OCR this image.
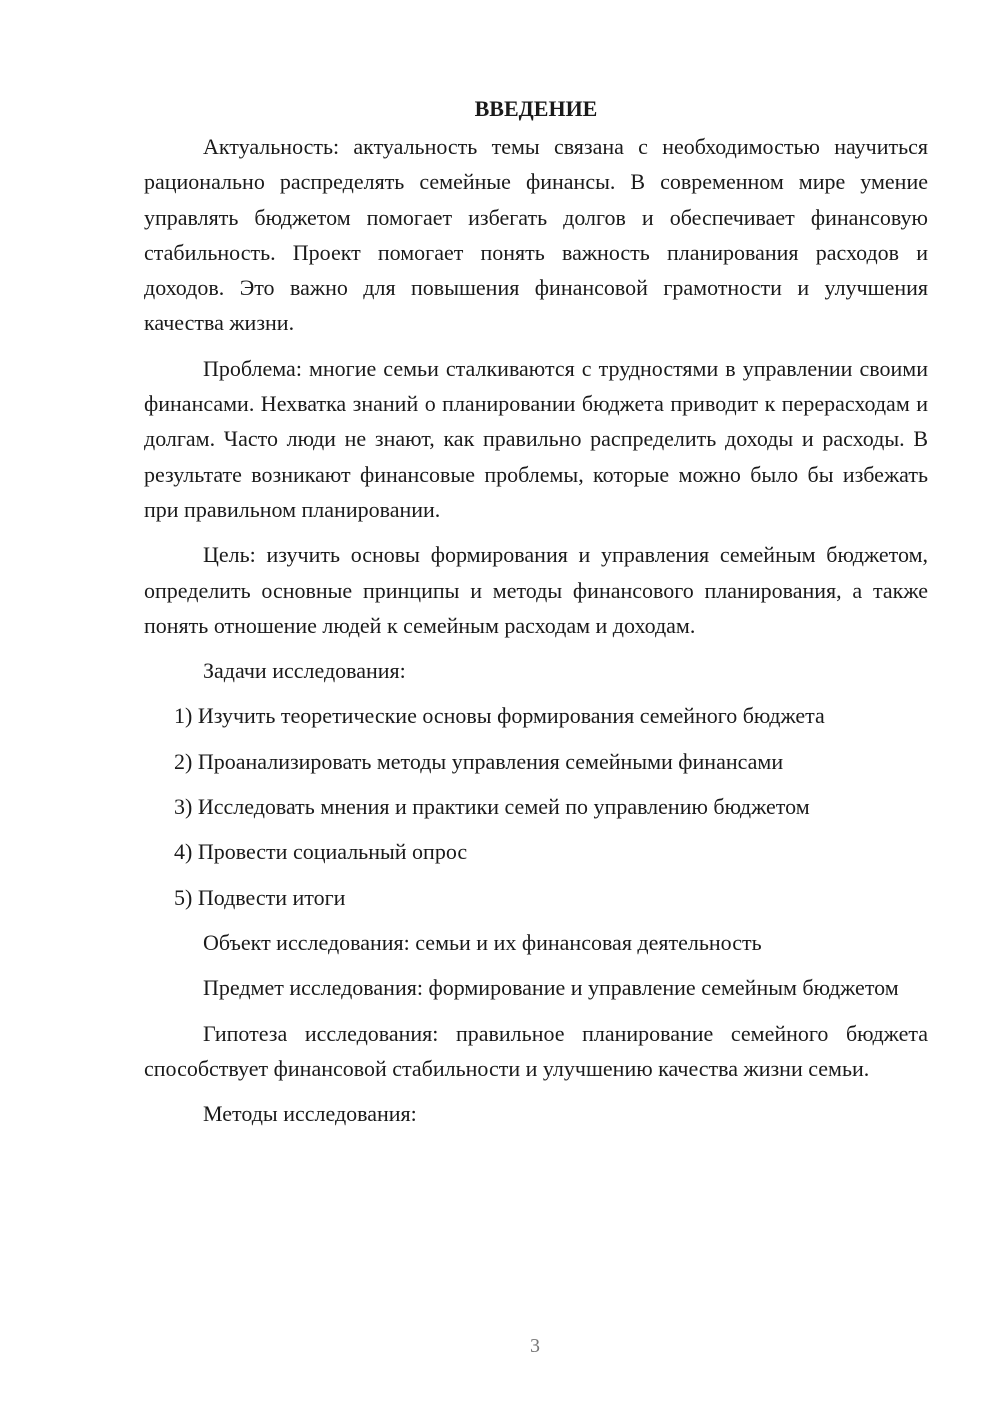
ВВЕДЕНИЕ

Актуальность: актуальность темы связана с необходимостью научиться рационально распределять семейные финансы. В современном мире умение управлять бюджетом помогает избегать долгов и обеспечивает финансовую стабильность. Проект помогает понять важность планирования расходов и доходов. Это важно для повышения финансовой грамотности и улучшения качества жизни.

Проблема: многие семьи сталкиваются с трудностями в управлении своими финансами. Нехватка знаний о планировании бюджета приводит к перерасходам и долгам. Часто люди не знают, как правильно распределить доходы и расходы. В результате возникают финансовые проблемы, которые можно было бы избежать при правильном планировании.

Цель: изучить основы формирования и управления семейным бюджетом, определить основные принципы и методы финансового планирования, а также понять отношение людей к семейным расходам и доходам.

Задачи исследования:

1) Изучить теоретические основы формирования семейного бюджета
2) Проанализировать методы управления семейными финансами
3) Исследовать мнения и практики семей по управлению бюджетом
4) Провести социальный опрос
5) Подвести итоги

Объект исследования: семьи и их финансовая деятельность

Предмет исследования: формирование и управление семейным бюджетом

Гипотеза исследования: правильное планирование семейного бюджета способствует финансовой стабильности и улучшению качества жизни семьи.

Методы исследования:

3
